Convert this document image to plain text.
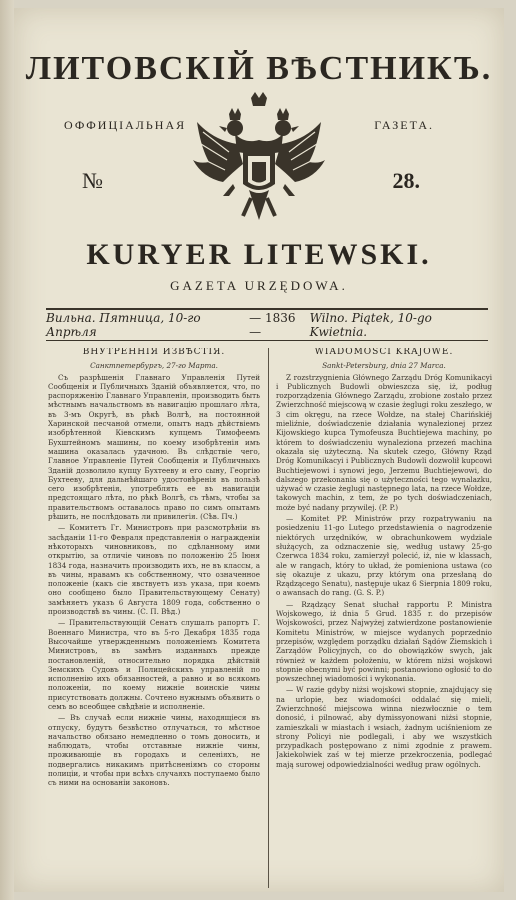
ЛИТОВСКІЙ ВѢСТНИКЪ.
ОФФИЦІАЛЬНАЯ	ГАЗЕТА.
№	28.
KURYER LITEWSKI.
GAZETA URZĘDOWA.
Вильна. Пятница, 10-го Апрѣля
— 1836 —
Wilno. Piątek, 10-go Kwietnia.
ВНУТРЕННІЯ ИЗВѢСТІЯ.
Санктпетербургъ, 27-го Марта.

Съ разрѣшенія Главнаго Управленія Путей Сообщенія и Публичныхъ Зданій объявляется, что, по распоряженію Главнаго Управленія, производить быть мѣстнымъ начальствомъ въ навигацію прошлаго лѣта, въ 3-мъ Округѣ, въ рѣкѣ Волгѣ, на постоянной Харинской песчаной отмели, опытъ надъ дѣйствіемъ изобрѣтенной Кіевскимъ купцемъ Тимофеемъ Бухштейномъ машины, по коему изобрѣтенія имъ машина оказалась удачною. Въ слѣдствіе чего, Главное Управленіе Путей Сообщенія и Публичныхъ Зданій дозволило купцу Бухтееву и его сыну, Георгію Бухтееву, для дальнѣйшаго удостовѣренія въ пользѣ сего изобрѣтенія, употреблять ее въ навигаціи предстоящаго лѣта, по рѣкѣ Волгѣ, съ тѣмъ, чтобы за правительствомъ оставалось право по симъ опытамъ рѣшить, не послѣдовать ли привилегія. (Сѣв. Пч.)

— Комитетъ Гг. Министровъ при разсмотрѣніи въ засѣданіи 11-го Февраля представленія о награжденіи нѣкоторыхъ чиновниковъ, по сдѣланному ими открытію, за отличіе чиновъ по положенію 25 Іюня 1834 года, назначить производить ихъ, не въ классы, а въ чины, нравамъ къ собственному, что означенное положеніе (какъ сіе явствуетъ изъ указа, при коемъ оно сообщено было Правительствующему Сенату) замѣняетъ указъ 6 Августа 1809 года, собственно о производствѣ въ чины. (С. П. Вѣд.)

— Правительствующій Сенатъ слушалъ рапортъ Г. Военнаго Министра, что въ 5-го Декабря 1835 года Высочайше утвержденнымъ положеніемъ Комитета Министровъ, въ замѣнъ изданныхъ прежде постановленій, относительно порядка дѣйствій Земскихъ Судовъ и Полицейскихъ управленій по исполненію ихъ обязанностей, а равно и во всякомъ положеніи, по коему нижніе воинскіе чины присутствовать должны. Сочтено нужнымъ объявить о семъ во всеобщее свѣдѣніе и исполненіе.

— Въ случаѣ если нижніе чины, находящіеся въ отпуску, будутъ безвѣстно отлучаться, то мѣстное начальство обязано немедленно о томъ доносить, и наблюдать, чтобы отставные нижніе чины, проживающіе въ городахъ и селеніяхъ, не подвергались никакимъ притѣсненіямъ со стороны полиціи, и чтобы при всѣхъ случаяхъ поступаемо было съ ними на основаніи законовъ.

WIADOMOŚCI KRAJOWE.
Sankt-Petersburg, dnia 27 Marca.

Z rozstrzygnienia Głównego Zarządu Dróg Komunikacyi i Publicznych Budowli obwieszcza się, iż, podług rozporządzenia Głównego Zarządu, zrobione zostało przez Zwierzchność miejscową w czasie żeglugi roku zeszłego, w 3 cim okręgu, na rzece Wołdze, na stałej Charińskiéj mieliźnie, doświadczenie działania wynalezionej przez Kijowskiego kupca Tymofeusza Buchtiejewa machiny, po którem to doświadczeniu wynaleziona przezeń machina okazała się użyteczną. Na skutek czego, Główny Rząd Dróg Komunikacyi i Publicznych Budowli dozwolił kupcowi Buchtiejewowi i synowi jego, Jerzemu Buchtiejewowi, do dalszego przekonania się o użyteczności tego wynalazku, używać w czasie żeglugi następnego lata, na rzece Wołdze, takowych machin, z tem, że po tych doświadczeniach, może być nadany przywilej. (P. P.)

— Komitet PP. Ministrów przy rozpatrywaniu na posiedzeniu 11-go Lutego przedstawienia o nagrodzenie niektórych urzędników, w obrachunkowem wydziale służących, za odznaczenie się, według ustawy 25-go Czerwca 1834 roku, zamierzył polecić, iż, nie w klassach, ale w rangach, który to układ, że pomieniona ustawa (co się okazuje z ukazu, przy którym ona przesłaną do Rządzącego Senatu), następuje ukaz 6 Sierpnia 1809 roku, o awansach do rang. (G. S. P.)

— Rządzący Senat słuchał rapportu P. Ministra Wojskowego, iż dnia 5 Grud. 1835 r. do przepisów Wojskowości, przez Najwyżej zatwierdzone postanowienie Komitetu Ministrów, w miejsce wydanych poprzednio przepisów, względem porządku działań Sądów Ziemskich i Zarządów Policyjnych, co do obowiązków swych, jak również w każdem położeniu, w którem niżsi wojskowi stopnie obecnymi być powinni; postanowiono ogłosić to do powszechnej wiadomości i wykonania.

— W razie gdyby niżsi wojskowi stopnie, znajdujący się na urlopie, bez wiadomości oddalać się mieli, Zwierzchność miejscowa winna niezwłocznie o tem donosić, i pilnować, aby dymissyonowani niżsi stopnie, zamieszkali w miastach i wsiach, żadnym uciśnieniom ze strony Policyi nie podlegali, i aby we wszystkich przypadkach postępowano z nimi zgodnie z prawem. Jakiekolwiek zaś w tej mierze przekroczenia, podlegać mają surowej odpowiedzialności według praw ogólnych.
